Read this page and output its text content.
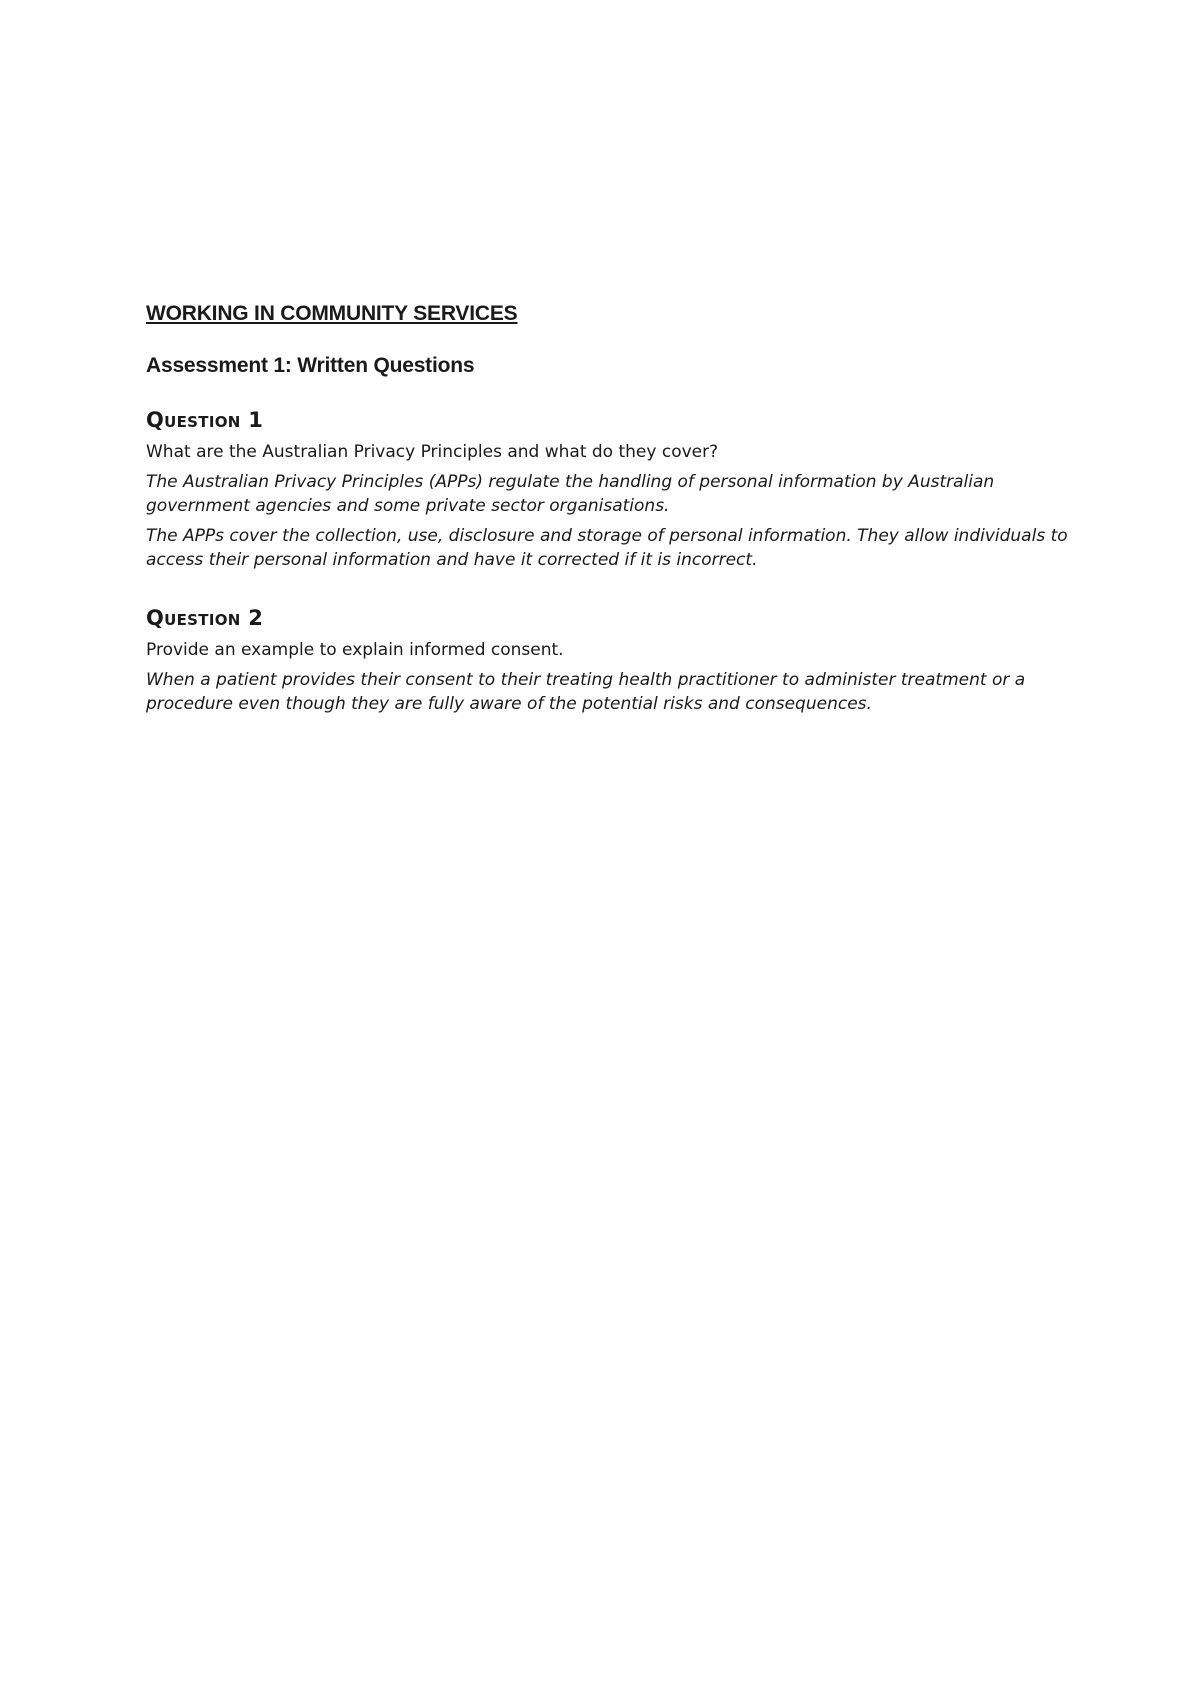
WORKING IN COMMUNITY SERVICES
Assessment 1: Written Questions
Question 1

What are the Australian Privacy Principles and what do they cover?

The Australian Privacy Principles (APPs) regulate the handling of personal information by Australian government agencies and some private sector organisations.

The APPs cover the collection, use, disclosure and storage of personal information. They allow individuals to access their personal information and have it corrected if it is incorrect.

Question 2

Provide an example to explain informed consent.

When a patient provides their consent to their treating health practitioner to administer treatment or a procedure even though they are fully aware of the potential risks and consequences.
